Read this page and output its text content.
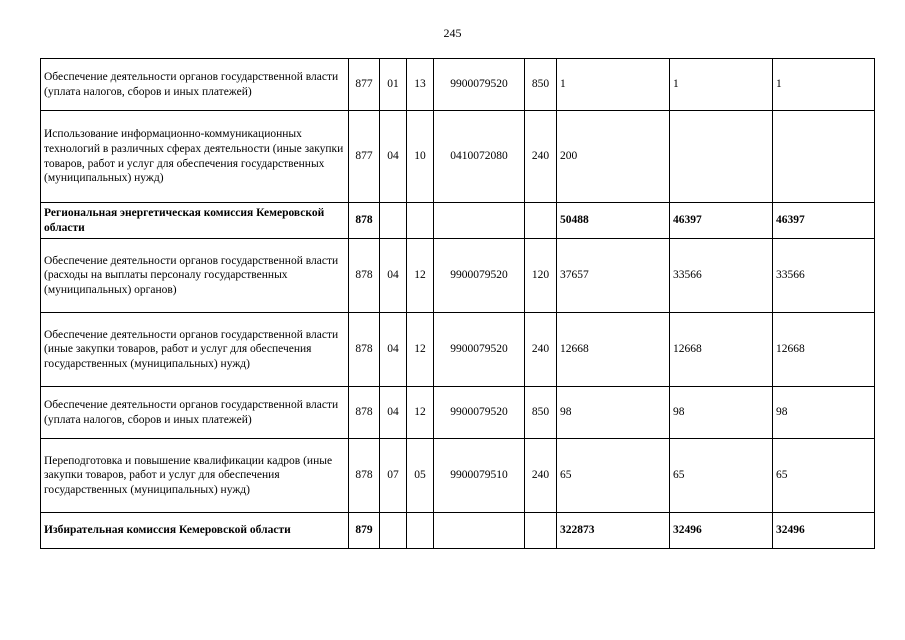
245
Обеспечение деятельности органов государственной власти (уплата налогов, сборов и иных платежей)	877	01	13	9900079520	850	1	1	1
Использование информационно-коммуникационных технологий в различных сферах деятельности (иные закупки товаров, работ и услуг для обеспечения государственных (муниципальных) нужд)	877	04	10	0410072080	240	200		
Региональная энергетическая комиссия Кемеровской области	878					50488	46397	46397
Обеспечение деятельности органов государственной власти (расходы на выплаты персоналу государственных (муниципальных) органов)	878	04	12	9900079520	120	37657	33566	33566
Обеспечение деятельности органов государственной власти (иные закупки товаров, работ и услуг для обеспечения государственных (муниципальных) нужд)	878	04	12	9900079520	240	12668	12668	12668
Обеспечение деятельности органов государственной власти (уплата налогов, сборов и иных платежей)	878	04	12	9900079520	850	98	98	98
Переподготовка и повышение квалификации кадров (иные закупки товаров, работ и услуг для обеспечения государственных (муниципальных) нужд)	878	07	05	9900079510	240	65	65	65
Избирательная комиссия Кемеровской области	879					322873	32496	32496
